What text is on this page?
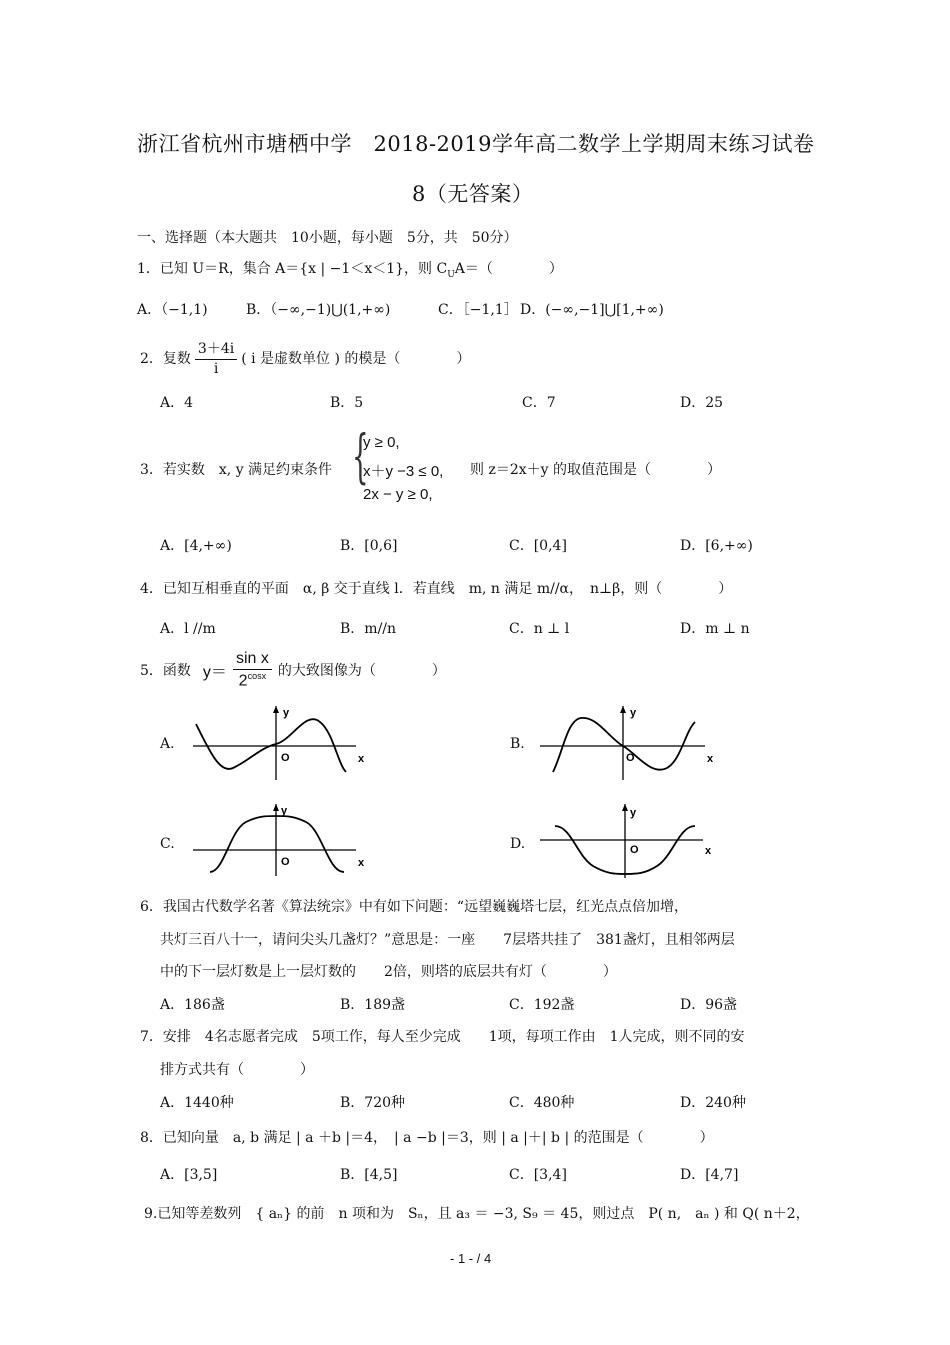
浙江省杭州市塘栖中学　2018-2019学年高二数学上学期周末练习试卷
8（无答案）
一、选择题（本大题共　10小题，每小题　5分，共　50分）
1．已知 U＝R，集合 A＝{x | −1＜x＜1}，则 $C_UA=$（　　　　）
A．（−1,1)	B．（−∞,−1)⋃(1,+∞)	C．［−1,1］ D．(−∞,−1]⋃[1,+∞)
2．复数 $\frac{3+4i}{i}$ ( i 是虚数单位 ) 的模是（　　　　）
A．4	B．5	C．7	D．25
3．若实数　x, y 满足约束条件 {
y ≥ 0,
x＋y −3 ≤ 0,
2x − y ≥ 0,
则 z＝2x＋y 的取值范围是（　　　　）
A．[4,+∞)	B．[0,6]	C．[0,4]	D．[6,+∞)
4．已知互相垂直的平面　α, β 交于直线 l．若直线　m, n 满足 m//α，　n⊥β，则（　　　　）
A．l //m	B．m//n	C．n ⊥ l	D．m ⊥ n
5．函数 $y= \frac{\text{sin x}}{2^{cosx}}$ 的大致图像为（　　　　）
A.	B.
C.	D.
y
x
O
y
x
O
y
x
O
y
x
O
6．我国古代数学名著《算法统宗》中有如下问题：“远望巍巍塔七层，红光点点倍加增，
共灯三百八十一，请问尖头几盏灯？”意思是：一座　　7层塔共挂了　381盏灯，且相邻两层
中的下一层灯数是上一层灯数的　　2倍，则塔的底层共有灯（　　　　）
A．186盏	B．189盏	C．192盏	D．96盏
7．安排　4名志愿者完成　5项工作，每人至少完成　　1项，每项工作由　1人完成，则不同的安
排方式共有（　　　　）
A．1440种	B．720种	C．480种	D．240种
8．已知向量　a, b 满足 | a ＋b |＝4，　| a −b |＝3，则 | a |＋| b | 的范围是（　　　　）
A．[3,5]	B．[4,5]	C．[3,4]	D．[4,7]
9.已知等差数列　{ aₙ} 的前　n 项和为　Sₙ，且 a₃ ＝ −3, S₉ ＝ 45，则过点　P( n,　aₙ ) 和 Q( n＋2，
- 1 - / 4
